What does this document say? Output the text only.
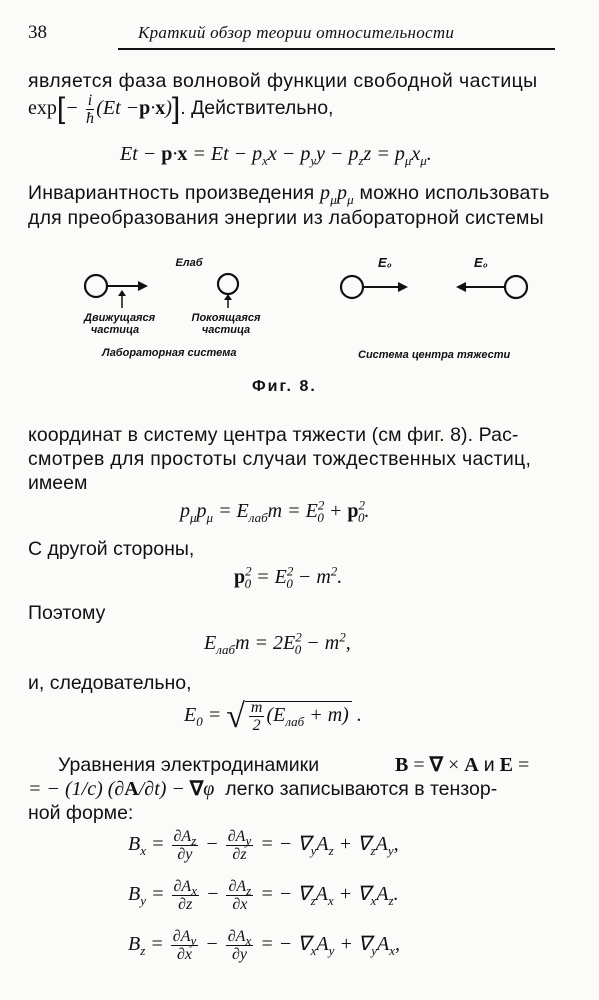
38	Краткий обзор теории относительности
является фаза волновой функции свободной частицы
$\exp[- \frac{i}{ħ} (Et -p\cdot x)]$. Действительно,
$Et - p\cdot x = Et - p_xx - p_yy - p_zz = p_\mu x_\mu$.
Инвариантность произведения $p_\mu p_\mu$ можно использовать
для преобразования энергии из лабораторной системы
Eлаб	E₀	E₀
Движущаяся частица
Покоящаяся частица
Лабораторная система	Система центра тяжести
Фиг. 8.
координат в систему центра тяжести (см фиг. 8). Рас-
смотрев для простоты случаи тождественных частиц,
имеем
$p_\mu p_\mu = E_{лаб}m = E^2_0 + p^2_0$.
С другой стороны,
$p^2_0 = E^2_0 - m^2$.
Поэтому
$E_{лаб}m = 2E^2_0 - m^2$,
и, следовательно,
$E_0$ = √ $\frac{m}{2} (E_{лаб} + m)$ .
Уравнения электродинамики	B = ∇ × A и E =
= − (1/c) (∂A/∂t) − ∇φ легко записываются в тензор-
ной форме:
$B_x = \frac{\partial A_z}{\partial y} - \frac{\partial A_y}{\partial z}$ = − $\nabla_yA_z + \nabla_zA_y$,
$B_y = \frac{\partial A_x}{\partial z} - \frac{\partial A_z}{\partial x}$ = − $\nabla_zA_x + \nabla_xA_z$.
$B_z = \frac{\partial A_y}{\partial x} - \frac{\partial A_x}{\partial y}$ = − $\nabla_xA_y + \nabla_yA_x$,
